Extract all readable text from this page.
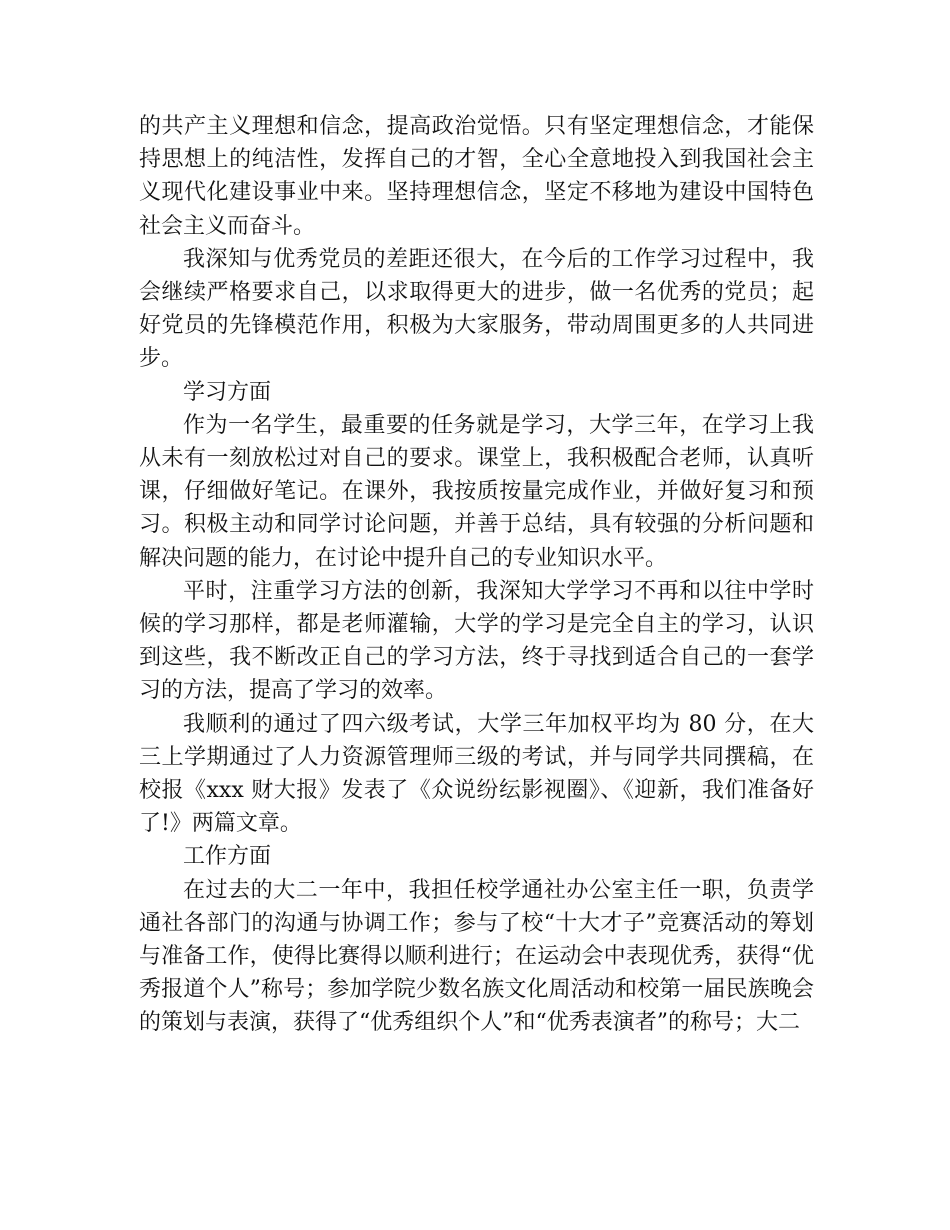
的共产主义理想和信念，提高政治觉悟。只有坚定理想信念，才能保持思想上的纯洁性，发挥自己的才智，全心全意地投入到我国社会主义现代化建设事业中来。坚持理想信念，坚定不移地为建设中国特色社会主义而奋斗。

我深知与优秀党员的差距还很大，在今后的工作学习过程中，我会继续严格要求自己，以求取得更大的进步，做一名优秀的党员；起好党员的先锋模范作用，积极为大家服务，带动周围更多的人共同进步。

学习方面

作为一名学生，最重要的任务就是学习，大学三年，在学习上我从未有一刻放松过对自己的要求。课堂上，我积极配合老师，认真听课，仔细做好笔记。在课外，我按质按量完成作业，并做好复习和预习。积极主动和同学讨论问题，并善于总结，具有较强的分析问题和解决问题的能力，在讨论中提升自己的专业知识水平。

平时，注重学习方法的创新，我深知大学学习不再和以往中学时候的学习那样，都是老师灌输，大学的学习是完全自主的学习，认识到这些，我不断改正自己的学习方法，终于寻找到适合自己的一套学习的方法，提高了学习的效率。

我顺利的通过了四六级考试，大学三年加权平均为 80 分，在大三上学期通过了人力资源管理师三级的考试，并与同学共同撰稿，在校报《xxx 财大报》发表了《众说纷纭影视圈》、《迎新，我们准备好了!》两篇文章。

工作方面

在过去的大二一年中，我担任校学通社办公室主任一职，负责学通社各部门的沟通与协调工作；参与了校“十大才子”竞赛活动的筹划与准备工作，使得比赛得以顺利进行；在运动会中表现优秀，获得“优秀报道个人”称号；参加学院少数名族文化周活动和校第一届民族晚会的策划与表演，获得了“优秀组织个人”和“优秀表演者”的称号；大二
